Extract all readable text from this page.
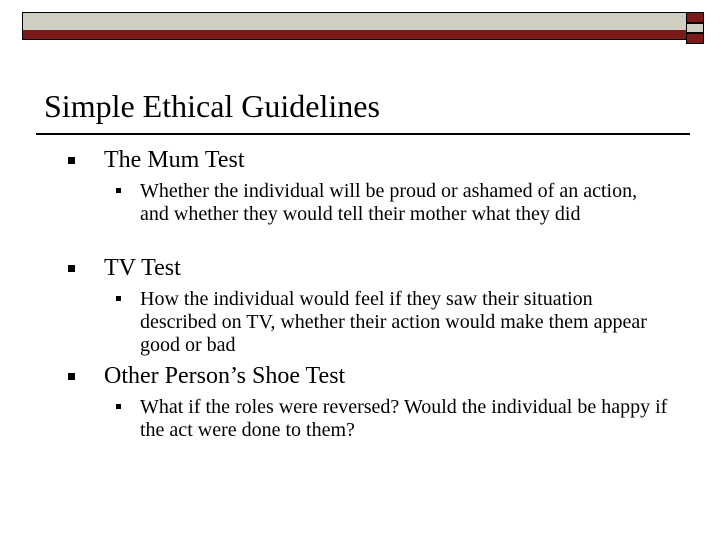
Simple Ethical Guidelines
The Mum Test
Whether the individual will be proud or ashamed of an action, and whether they would tell their mother what they did
TV Test
How the individual would feel if they saw their situation described on TV, whether their action would make them appear good or bad
Other Person’s Shoe Test
What if the roles were reversed? Would the individual be happy if the act were done to them?
